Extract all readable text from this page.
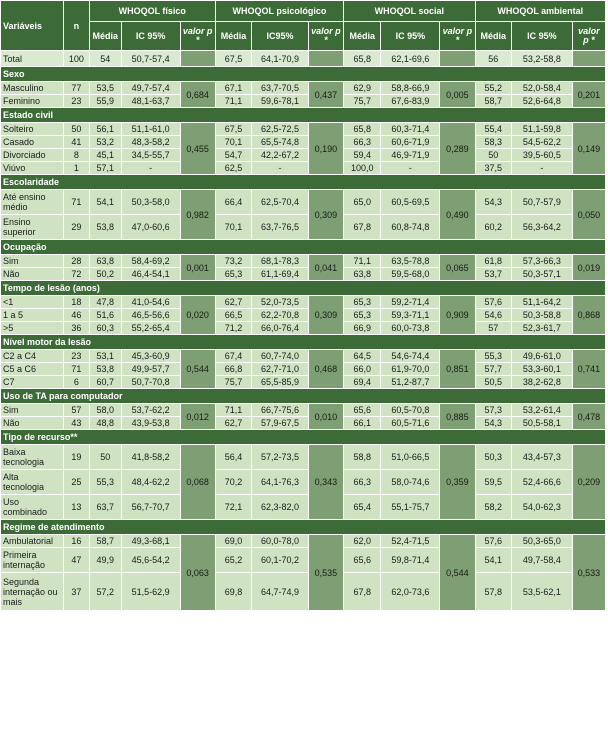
Variáveis	n	WHOQOL físico			WHOQOL psicológico			WHOQOL social			WHOQOL ambiental		
		Média	IC 95%	valor p *	Média	IC95%	valor p *	Média	IC 95%	valor p *	Média	IC 95%	valor p *
Total	100	54	50,7-57,4		67,5	64,1-70,9		65,8	62,1-69,6		56	53,2-58,8	
Sexo													
Masculino	77	53,5	49,7-57,4	0,684	67,1	63,7-70,5	0,437	62,9	58,8-66,9	0,005	55,2	52,0-58,4	0,201
Feminino	23	55,9	48,1-63,7		71,1	59,6-78,1		75,7	67,6-83,9		58,7	52,6-64,8	
Estado civil													
Solteiro	50	56,1	51,1-61,0	0,455	67,5	62,5-72,5	0,190	65,8	60,3-71,4	0,289	55,4	51,1-59,8	0,149
Casado	41	53,2	48,3-58,2		70,1	65,5-74,8		66,3	60,6-71,9		58,3	54,5-62,2	
Divorciado	8	45,1	34,5-55,7		54,7	42,2-67,2		59,4	46,9-71,9		50	39,5-60,5	
Viúvo	1	57,1	-		62,5	-		100,0	-		37,5	-	
Escolaridade													
Até ensino médio	71	54,1	50,3-58,0	0,982	66,4	62,5-70,4	0,309	65,0	60,5-69,5	0,490	54,3	50,7-57,9	0,050
Ensino superior	29	53,8	47,0-60,6		70,1	63,7-76,5		67,8	60,8-74,8		60,2	56,3-64,2	
Ocupação													
Sim	28	63,8	58,4-69,2	0,001	73,2	68,1-78,3	0,041	71,1	63,5-78,8	0,065	61,8	57,3-66,3	0,019
Não	72	50,2	46,4-54,1		65,3	61,1-69,4		63,8	59,5-68,0		53,7	50,3-57,1	
Tempo de lesão (anos)													
<1	18	47,8	41,0-54,6	0,020	62,7	52,0-73,5	0,309	65,3	59,2-71,4	0,909	57,6	51,1-64,2	0,868
1 a 5	46	51,6	46,5-56,6		66,5	62,2-70,8		65,3	59,3-71,1		54,6	50,3-58,8	
>5	36	60,3	55,2-65,4		71,2	66,0-76,4		66,9	60,0-73,8		57	52,3-61,7	
Nível motor da lesão													
C2 a C4	23	53,1	45,3-60,9	0,544	67,4	60,7-74,0	0,468	64,5	54,6-74,4	0,851	55,3	49,6-61,0	0,741
C5 a C6	71	53,8	49,9-57,7		66,8	62,7-71,0		66,0	61,9-70,0		57,7	53,3-60,1	
C7	6	60,7	50,7-70,8		75,7	65,5-85,9		69,4	51,2-87,7		50,5	38,2-62,8	
Uso de TA para computador													
Sim	57	58,0	53,7-62,2	0,012	71,1	66,7-75,6	0,010	65,6	60,5-70,8	0,885	57,3	53,2-61,4	0,478
Não	43	48,8	43,9-53,8		62,7	57,9-67,5		66,1	60,5-71,6		54,3	50,5-58,1	
Tipo de recurso**													
Baixa tecnologia	19	50	41,8-58,2	0,068	56,4	57,2-73,5	0,343	58,8	51,0-66,5	0,359	50,3	43,4-57,3	0,209
Alta tecnologia	25	55,3	48,4-62,2		70,2	64,1-76,3		66,3	58,0-74,6		59,5	52,4-66,6	
Uso combinado	13	63,7	56,7-70,7		72,1	62,3-82,0		65,4	55,1-75,7		58,2	54,0-62,3	
Regime de atendimento													
Ambulatorial	16	58,7	49,3-68,1	0,063	69,0	60,0-78,0	0,535	62,0	52,4-71,5	0,544	57,6	50,3-65,0	0,533
Primeira internação	47	49,9	45,6-54,2		65,2	60,1-70,2		65,6	59,8-71,4		54,1	49,7-58,4	
Segunda internação ou mais	37	57,2	51,5-62,9		69,8	64,7-74,9		67,8	62,0-73,6		57,8	53,5-62,1	
